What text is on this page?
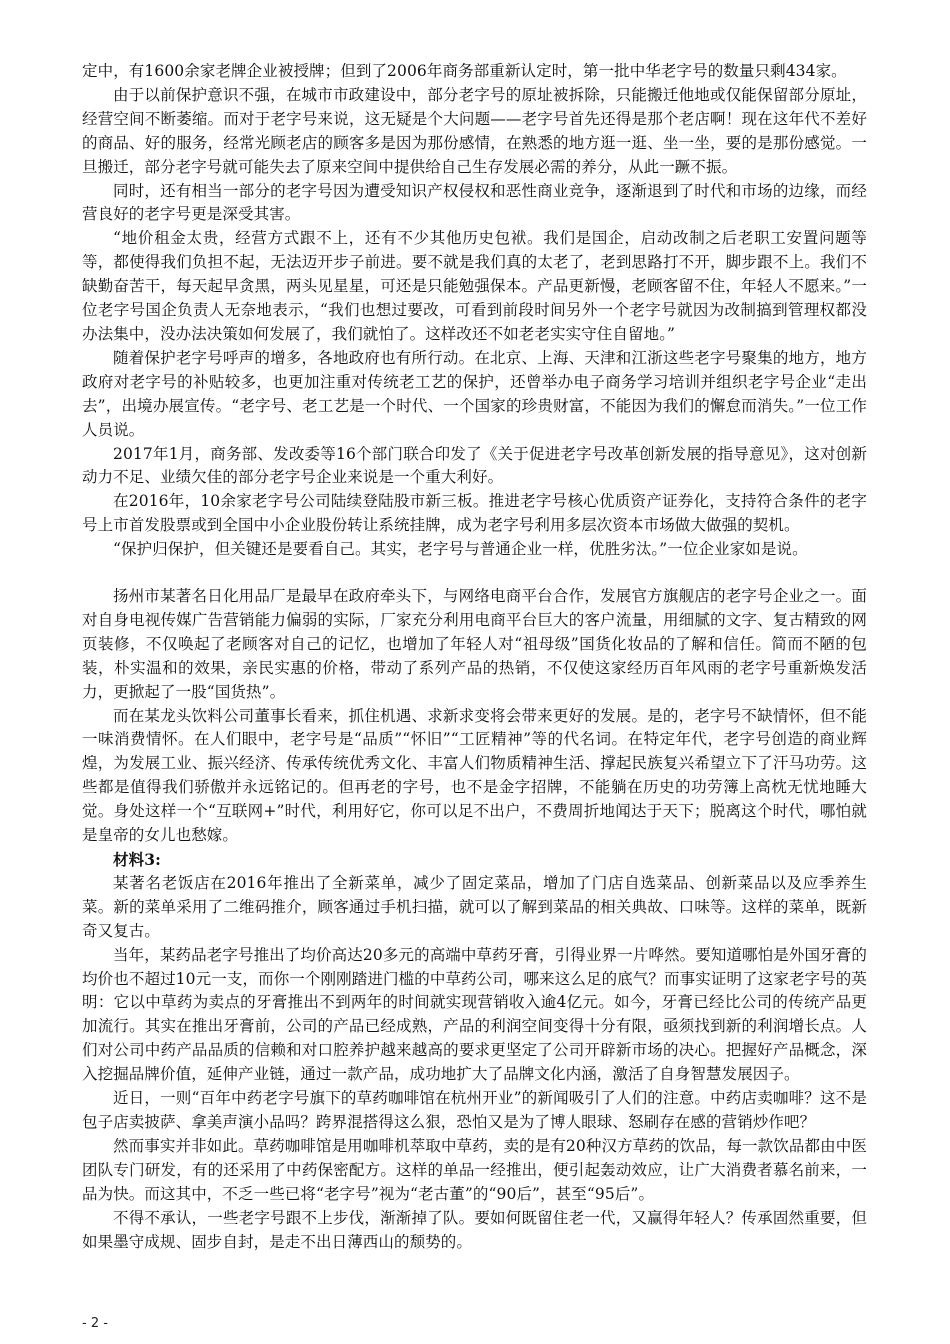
定中，有1600余家老牌企业被授牌；但到了2006年商务部重新认定时，第一批中华老字号的数量只剩434家。

由于以前保护意识不强，在城市市政建设中，部分老字号的原址被拆除，只能搬迁他地或仅能保留部分原址，经营空间不断萎缩。而对于老字号来说，这无疑是个大问题——老字号首先还得是那个老店啊！现在这年代不差好的商品、好的服务，经常光顾老店的顾客多是因为那份感情，在熟悉的地方逛一逛、坐一坐，要的是那份感觉。一旦搬迁，部分老字号就可能失去了原来空间中提供给自己生存发展必需的养分，从此一蹶不振。

同时，还有相当一部分的老字号因为遭受知识产权侵权和恶性商业竞争，逐渐退到了时代和市场的边缘，而经营良好的老字号更是深受其害。

“地价租金太贵，经营方式跟不上，还有不少其他历史包袱。我们是国企，启动改制之后老职工安置问题等等，都使得我们负担不起，无法迈开步子前进。要不就是我们真的太老了，老到思路打不开，脚步跟不上。我们不缺勤奋苦干，每天起早贪黑，两头见星星，可还是只能勉强保本。产品更新慢，老顾客留不住，年轻人不愿来。”一位老字号国企负责人无奈地表示，“我们也想过要改，可看到前段时间另外一个老字号就因为改制搞到管理权都没办法集中，没办法决策如何发展了，我们就怕了。这样改还不如老老实实守住自留地。”

随着保护老字号呼声的增多，各地政府也有所行动。在北京、上海、天津和江浙这些老字号聚集的地方，地方政府对老字号的补贴较多，也更加注重对传统老工艺的保护，还曾举办电子商务学习培训并组织老字号企业“走出去”，出境办展宣传。“老字号、老工艺是一个时代、一个国家的珍贵财富，不能因为我们的懈怠而消失。”一位工作人员说。

2017年1月，商务部、发改委等16个部门联合印发了《关于促进老字号改革创新发展的指导意见》，这对创新动力不足、业绩欠佳的部分老字号企业来说是一个重大利好。

在2016年，10余家老字号公司陆续登陆股市新三板。推进老字号核心优质资产证券化，支持符合条件的老字号上市首发股票或到全国中小企业股份转让系统挂牌，成为老字号利用多层次资本市场做大做强的契机。

“保护归保护，但关键还是要看自己。其实，老字号与普通企业一样，优胜劣汰。”一位企业家如是说。

扬州市某著名日化用品厂是最早在政府牵头下，与网络电商平台合作，发展官方旗舰店的老字号企业之一。面对自身电视传媒广告营销能力偏弱的实际，厂家充分利用电商平台巨大的客户流量，用细腻的文字、复古精致的网页装修，不仅唤起了老顾客对自己的记忆，也增加了年轻人对“祖母级”国货化妆品的了解和信任。简而不陋的包装，朴实温和的效果，亲民实惠的价格，带动了系列产品的热销，不仅使这家经历百年风雨的老字号重新焕发活力，更掀起了一股“国货热”。

而在某龙头饮料公司董事长看来，抓住机遇、求新求变将会带来更好的发展。是的，老字号不缺情怀，但不能一味消费情怀。在人们眼中，老字号是“品质”“怀旧”“工匠精神”等的代名词。在特定年代，老字号创造的商业辉煌，为发展工业、振兴经济、传承传统优秀文化、丰富人们物质精神生活、撑起民族复兴希望立下了汗马功劳。这些都是值得我们骄傲并永远铭记的。但再老的字号，也不是金字招牌，不能躺在历史的功劳簿上高枕无忧地睡大觉。身处这样一个“互联网+”时代，利用好它，你可以足不出户，不费周折地闻达于天下；脱离这个时代，哪怕就是皇帝的女儿也愁嫁。

材料3:

某著名老饭店在2016年推出了全新菜单，减少了固定菜品，增加了门店自选菜品、创新菜品以及应季养生菜。新的菜单采用了二维码推介，顾客通过手机扫描，就可以了解到菜品的相关典故、口味等。这样的菜单，既新奇又复古。

当年，某药品老字号推出了均价高达20多元的高端中草药牙膏，引得业界一片哗然。要知道哪怕是外国牙膏的均价也不超过10元一支，而你一个刚刚踏进门槛的中草药公司，哪来这么足的底气？而事实证明了这家老字号的英明：它以中草药为卖点的牙膏推出不到两年的时间就实现营销收入逾4亿元。如今，牙膏已经比公司的传统产品更加流行。其实在推出牙膏前，公司的产品已经成熟，产品的利润空间变得十分有限，亟须找到新的利润增长点。人们对公司中药产品品质的信赖和对口腔养护越来越高的要求更坚定了公司开辟新市场的决心。把握好产品概念，深入挖掘品牌价值，延伸产业链，通过一款产品，成功地扩大了品牌文化内涵，激活了自身智慧发展因子。

近日，一则“百年中药老字号旗下的草药咖啡馆在杭州开业”的新闻吸引了人们的注意。中药店卖咖啡？这不是包子店卖披萨、拿美声演小品吗？跨界混搭得这么狠，恐怕又是为了博人眼球、怒刷存在感的营销炒作吧？

然而事实并非如此。草药咖啡馆是用咖啡机萃取中草药，卖的是有20种汉方草药的饮品，每一款饮品都由中医团队专门研发，有的还采用了中药保密配方。这样的单品一经推出，便引起轰动效应，让广大消费者慕名前来，一品为快。而这其中，不乏一些已将“老字号”视为“老古董”的“90后”，甚至“95后”。

不得不承认，一些老字号跟不上步伐，渐渐掉了队。要如何既留住老一代，又赢得年轻人？传承固然重要，但如果墨守成规、固步自封，是走不出日薄西山的颓势的。

- 2 -
